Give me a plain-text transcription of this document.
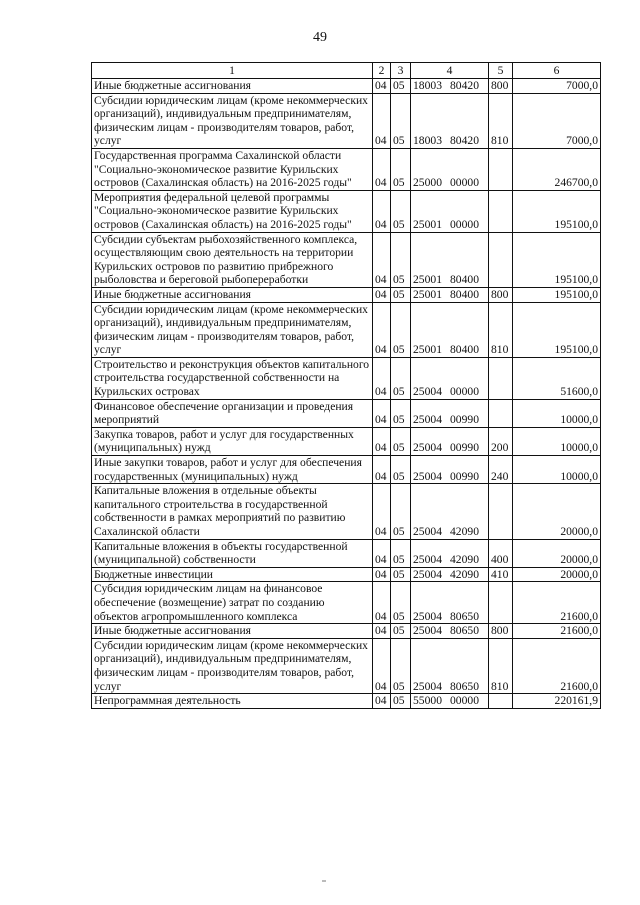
49
1	2	3	4	5	6
Иные бюджетные ассигнования	04	05	18003 80420	800	7000,0
Субсидии юридическим лицам (кроме некоммерческих организаций), индивидуальным предпринимателям, физическим лицам - производителям товаров, работ, услуг	04	05	18003 80420	810	7000,0
Государственная программа Сахалинской области "Социально-экономическое развитие Курильских островов (Сахалинская область) на 2016-2025 годы"	04	05	25000 00000		246700,0
Мероприятия федеральной целевой программы "Социально-экономическое развитие Курильских островов (Сахалинская область) на 2016-2025 годы"	04	05	25001 00000		195100,0
Субсидии субъектам рыбохозяйственного комплекса, осуществляющим свою деятельность на территории Курильских островов по развитию прибрежного рыболовства и береговой рыбопереработки	04	05	25001 80400		195100,0
Иные бюджетные ассигнования	04	05	25001 80400	800	195100,0
Субсидии юридическим лицам (кроме некоммерческих организаций), индивидуальным предпринимателям, физическим лицам - производителям товаров, работ, услуг	04	05	25001 80400	810	195100,0
Строительство и реконструкция объектов капитального строительства государственной собственности на Курильских островах	04	05	25004 00000		51600,0
Финансовое обеспечение организации и проведения мероприятий	04	05	25004 00990		10000,0
Закупка товаров, работ и услуг для государственных (муниципальных) нужд	04	05	25004 00990	200	10000,0
Иные закупки товаров, работ и услуг для обеспечения государственных (муниципальных) нужд	04	05	25004 00990	240	10000,0
Капитальные вложения в отдельные объекты капитального строительства в государственной собственности в рамках мероприятий по развитию Сахалинской области	04	05	25004 42090		20000,0
Капитальные вложения в объекты государственной (муниципальной) собственности	04	05	25004 42090	400	20000,0
Бюджетные инвестиции	04	05	25004 42090	410	20000,0
Субсидия юридическим лицам на финансовое обеспечение (возмещение) затрат по созданию объектов агропромышленного комплекса	04	05	25004 80650		21600,0
Иные бюджетные ассигнования	04	05	25004 80650	800	21600,0
Субсидии юридическим лицам (кроме некоммерческих организаций), индивидуальным предпринимателям, физическим лицам - производителям товаров, работ, услуг	04	05	25004 80650	810	21600,0
Непрограммная деятельность	04	05	55000 00000		220161,9
